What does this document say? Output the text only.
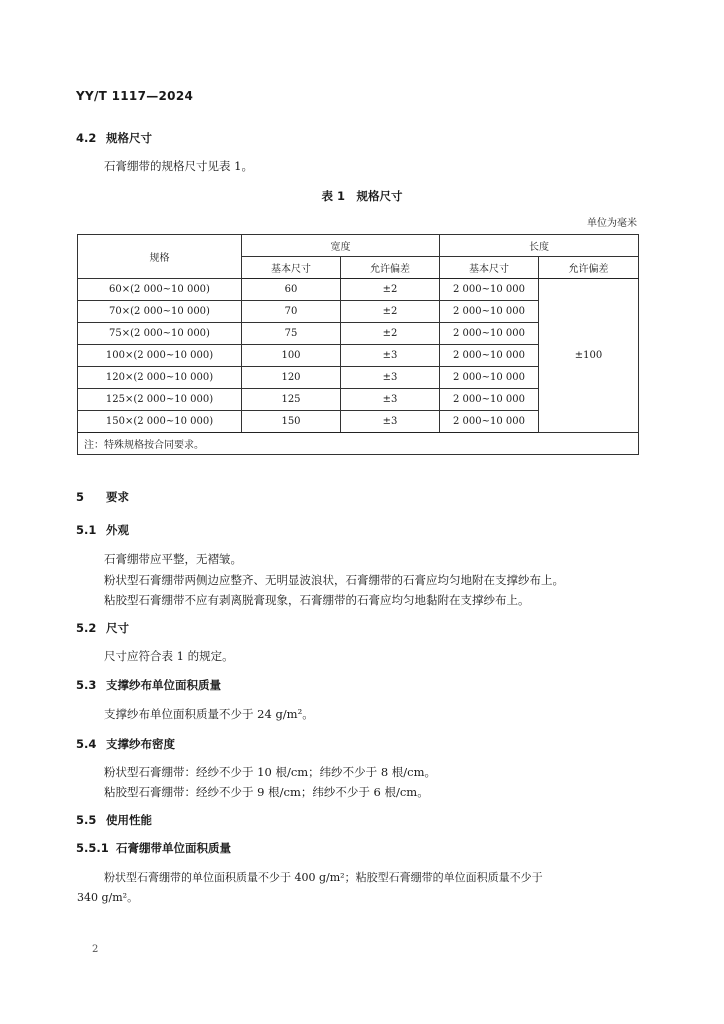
YY/T 1117—2024
4.2 规格尺寸
石膏绷带的规格尺寸见表 1。
表 1　规格尺寸
单位为毫米
规格	宽度		长度	
	基本尺寸	允许偏差	基本尺寸	允许偏差
60×(2 000~10 000)	60	±2	2 000~10 000	±100
70×(2 000~10 000)	70	±2	2 000~10 000	
75×(2 000~10 000)	75	±2	2 000~10 000	
100×(2 000~10 000)	100	±3	2 000~10 000	
120×(2 000~10 000)	120	±3	2 000~10 000	
125×(2 000~10 000)	125	±3	2 000~10 000	
150×(2 000~10 000)	150	±3	2 000~10 000	
注：特殊规格按合同要求。				
5 要求
5.1 外观
石膏绷带应平整，无褶皱。
粉状型石膏绷带两侧边应整齐、无明显波浪状，石膏绷带的石膏应均匀地附在支撑纱布上。
粘胶型石膏绷带不应有剥离脱膏现象，石膏绷带的石膏应均匀地黏附在支撑纱布上。
5.2 尺寸
尺寸应符合表 1 的规定。
5.3 支撑纱布单位面积质量
支撑纱布单位面积质量不少于 24 g/m²。
5.4 支撑纱布密度
粉状型石膏绷带：经纱不少于 10 根/cm；纬纱不少于 8 根/cm。
粘胶型石膏绷带：经纱不少于 9 根/cm；纬纱不少于 6 根/cm。
5.5 使用性能
5.5.1 石膏绷带单位面积质量
粉状型石膏绷带的单位面积质量不少于 400 g/m²；粘胶型石膏绷带的单位面积质量不少于
340 g/m²。
2
